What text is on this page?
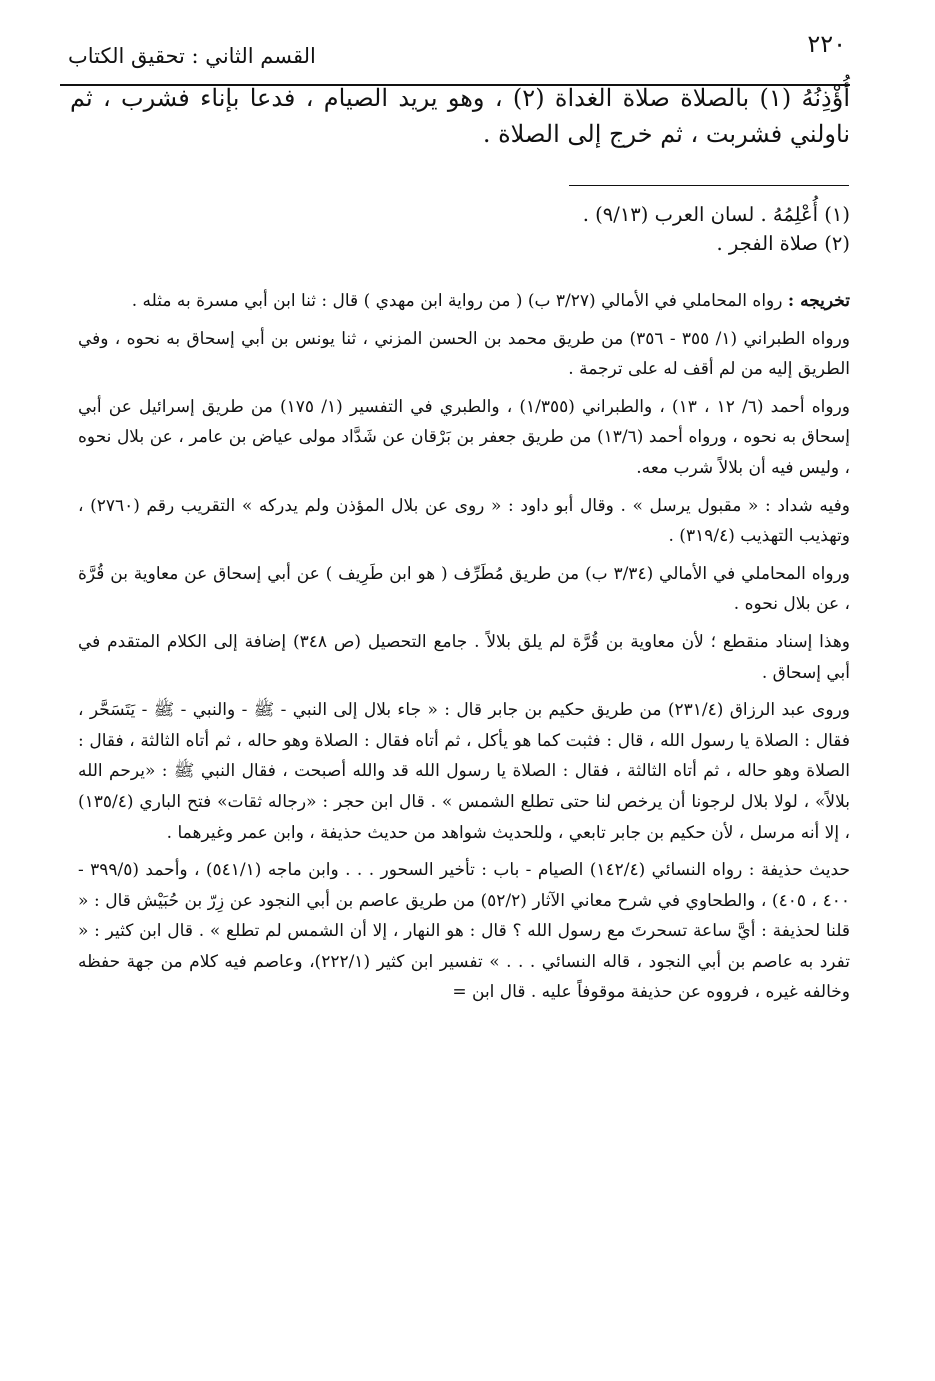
٢٢٠
القسم الثاني : تحقيق الكتاب

أُؤْذِنُهُ (١) بالصلاة صلاة الغداة (٢) ، وهو يريد الصيام ، فدعا بإناء فشرب ، ثم ناولني فشربت ، ثم خرج إلى الصلاة .

(١) أُعْلِمُهُ . لسان العرب (٩/١٣) .

(٢) صلاة الفجر .

تخريجه : رواه المحاملي في الأمالي (٣/٢٧ ب) ( من رواية ابن مهدي ) قال : ثنا ابن أبي مسرة به مثله .

ورواه الطبراني (١/ ٣٥٥ - ٣٥٦) من طريق محمد بن الحسن المزني ، ثنا يونس بن أبي إسحاق به نحوه ، وفي الطريق إليه من لم أقف له على ترجمة .

ورواه أحمد (٦/ ١٢ ، ١٣) ، والطبراني (١/٣٥٥) ، والطبري في التفسير (١/ ١٧٥) من طريق إسرائيل عن أبي إسحاق به نحوه ، ورواه أحمد (١٣/٦) من طريق جعفر بن بَرْقان عن شَدَّاد مولى عياض بن عامر ، عن بلال نحوه ، وليس فيه أن بلالاً شرب معه.

وفيه شداد : « مقبول يرسل » . وقال أبو داود : « روى عن بلال المؤذن ولم يدركه » التقريب رقم (٢٧٦٠) ، وتهذيب التهذيب (٣١٩/٤) .

ورواه المحاملي في الأمالي (٣/٣٤ ب) من طريق مُطَرِّف ( هو ابن طَرِيف ) عن أبي إسحاق عن معاوية بن قُرَّة ، عن بلال نحوه .

وهذا إسناد منقطع ؛ لأن معاوية بن قُرَّة لم يلق بلالاً . جامع التحصيل (ص ٣٤٨) إضافة إلى الكلام المتقدم في أبي إسحاق .

وروى عبد الرزاق (٢٣١/٤) من طريق حكيم بن جابر قال : « جاء بلال إلى النبي - ﷺ - والنبي - ﷺ - يَتَسَحَّر ، فقال : الصلاة يا رسول الله ، قال : فثبت كما هو يأكل ، ثم أتاه فقال : الصلاة وهو حاله ، ثم أتاه الثالثة ، فقال : الصلاة وهو حاله ، ثم أتاه الثالثة ، فقال : الصلاة يا رسول الله قد والله أصبحت ، فقال النبي ﷺ : «يرحم الله بلالاً» ، لولا بلال لرجونا أن يرخص لنا حتى تطلع الشمس » . قال ابن حجر : «رجاله ثقات» فتح الباري (١٣٥/٤) ، إلا أنه مرسل ، لأن حكيم بن جابر تابعي ، وللحديث شواهد من حديث حذيفة ، وابن عمر وغيرهما .

حديث حذيفة : رواه النسائي (١٤٢/٤) الصيام - باب : تأخير السحور . . . وابن ماجه (٥٤١/١) ، وأحمد (٣٩٩/٥ - ٤٠٠ ، ٤٠٥) ، والطحاوي في شرح معاني الآثار (٥٢/٢) من طريق عاصم بن أبي النجود عن زِرّ بن حُبَيْش قال : « قلنا لحذيفة : أيَّ ساعة تسحرتَ مع رسول الله ؟ قال : هو النهار ، إلا أن الشمس لم تطلع » . قال ابن كثير : « تفرد به عاصم بن أبي النجود ، قاله النسائي . . . » تفسير ابن كثير (٢٢٢/١)، وعاصم فيه كلام من جهة حفظه وخالفه غيره ، فرووه عن حذيفة موقوفاً عليه . قال ابن =
